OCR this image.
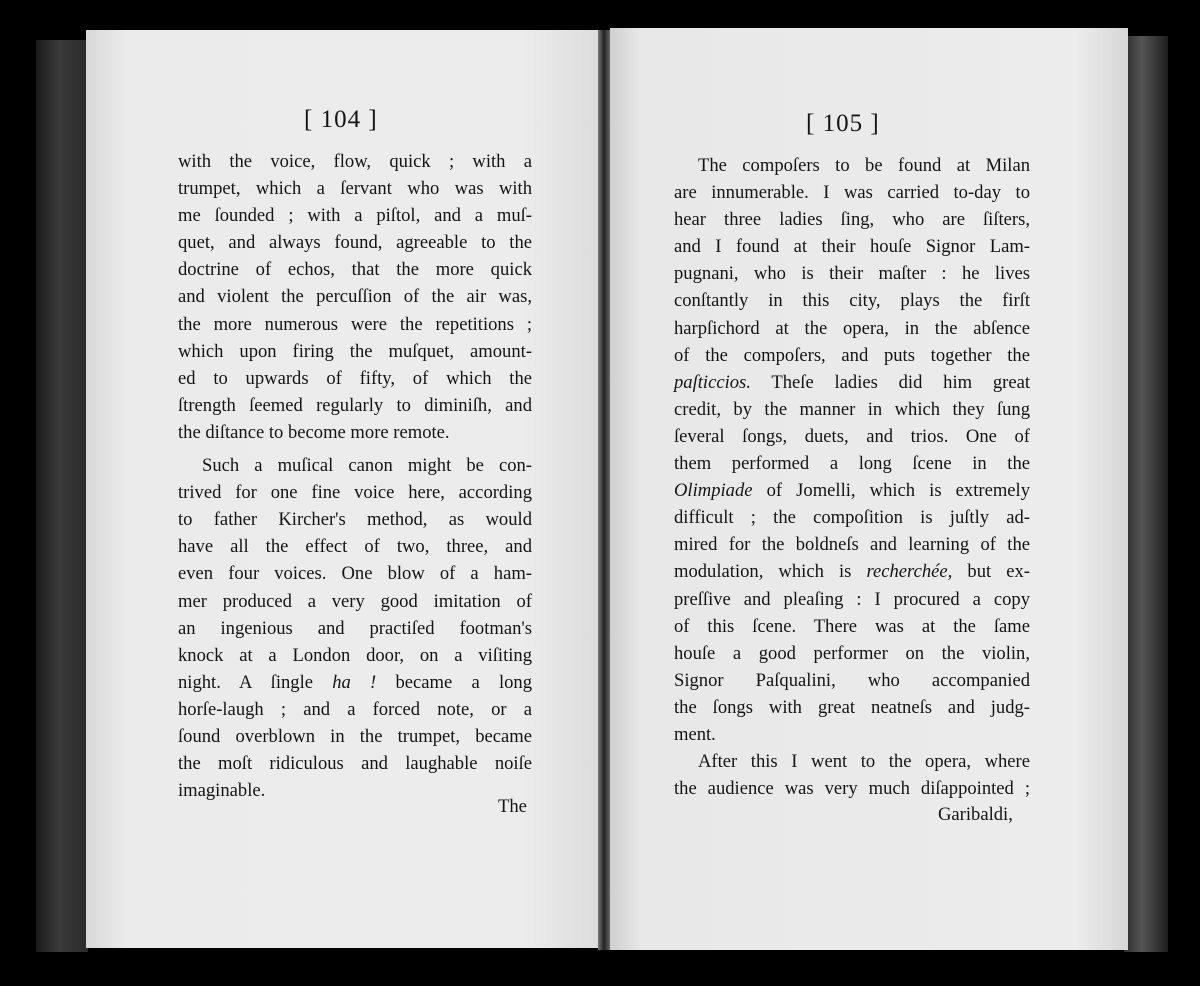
[ 104 ]
with the voice, flow, quick ; with a
trumpet, which a ſervant who was with
me ſounded ; with a piſtol, and a muſ-
quet, and always found, agreeable to the
doctrine of echos, that the more quick
and violent the percuſſion of the air was,
the more numerous were the repetitions ;
which upon firing the muſquet, amount-
ed to upwards of fifty, of which the
ſtrength ſeemed regularly to diminiſh, and
the diſtance to become more remote.
Such a muſical canon might be con-
trived for one fine voice here, according
to father Kircher's method, as would
have all the effect of two, three, and
even four voices. One blow of a ham-
mer produced a very good imitation of
an ingenious and practiſed footman's
knock at a London door, on a viſiting
night. A ſingle ha ! became a long
horſe-laugh ; and a forced note, or a
ſound overblown in the trumpet, became
the moſt ridiculous and laughable noiſe
imaginable.
The
[ 105 ]
The compoſers to be found at Milan
are innumerable. I was carried to-day to
hear three ladies ſing, who are ſiſters,
and I found at their houſe Signor Lam-
pugnani, who is their maſter : he lives
conſtantly in this city, plays the firſt
harpſichord at the opera, in the abſence
of the compoſers, and puts together the
paſticcios. Theſe ladies did him great
credit, by the manner in which they ſung
ſeveral ſongs, duets, and trios. One of
them performed a long ſcene in the
Olimpiade of Jomelli, which is extremely
difficult ; the compoſition is juſtly ad-
mired for the boldneſs and learning of the
modulation, which is recherchée, but ex-
preſſive and pleaſing : I procured a copy
of this ſcene. There was at the ſame
houſe a good performer on the violin,
Signor Paſqualini, who accompanied
the ſongs with great neatneſs and judg-
ment.
After this I went to the opera, where
the audience was very much diſappointed ;
Garibaldi,
